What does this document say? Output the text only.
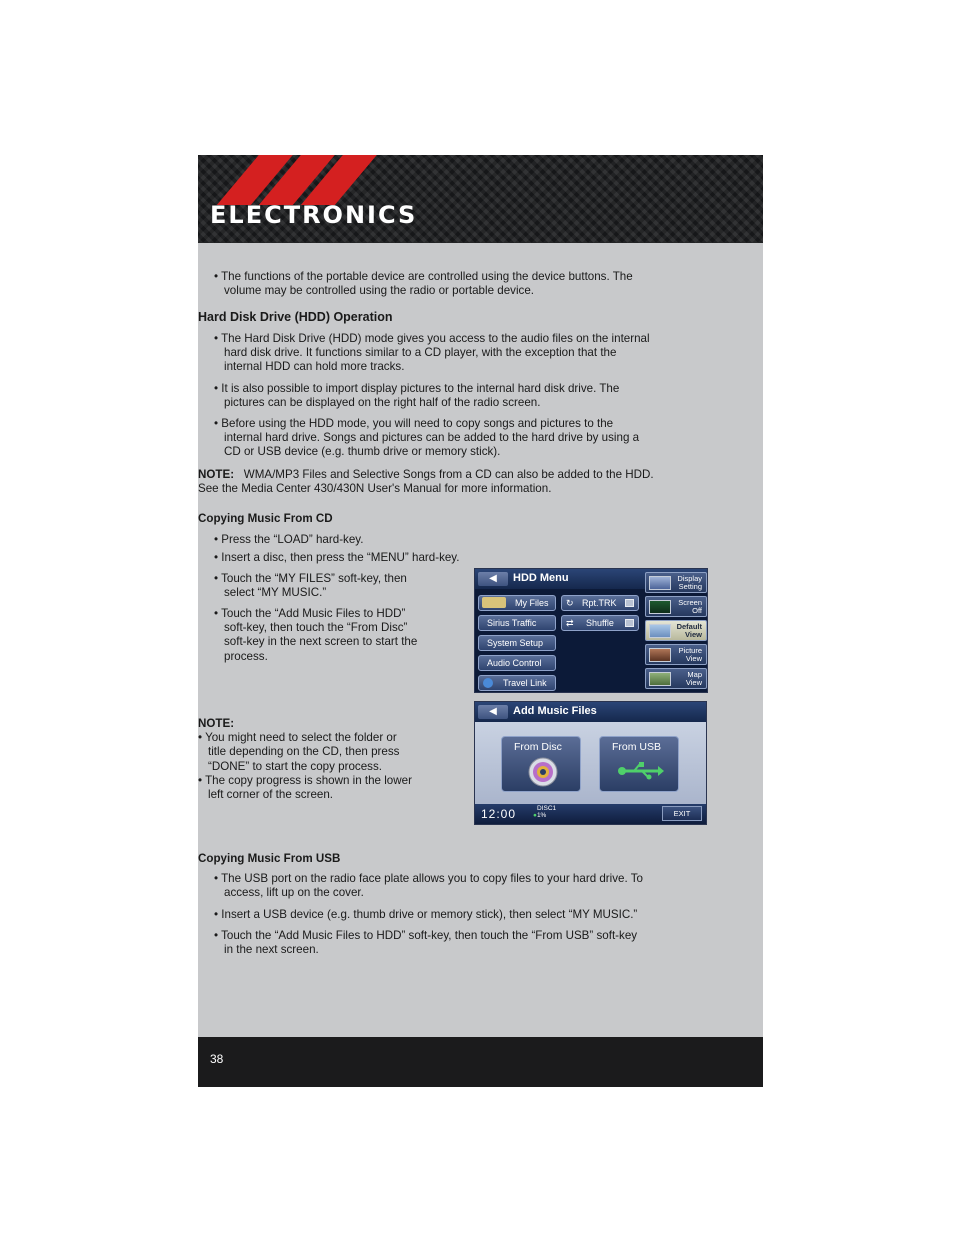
ELECTRONICS
• The functions of the portable device are controlled using the device buttons. The
volume may be controlled using the radio or portable device.
Hard Disk Drive (HDD) Operation
• The Hard Disk Drive (HDD) mode gives you access to the audio files on the internal
hard disk drive. It functions similar to a CD player, with the exception that the
internal HDD can hold more tracks.
• It is also possible to import display pictures to the internal hard disk drive. The
pictures can be displayed on the right half of the radio screen.
• Before using the HDD mode, you will need to copy songs and pictures to the
internal hard drive. Songs and pictures can be added to the hard drive by using a
CD or USB device (e.g. thumb drive or memory stick).
NOTE: WMA/MP3 Files and Selective Songs from a CD can also be added to the HDD.
See the Media Center 430/430N User's Manual for more information.
Copying Music From CD
• Press the “LOAD” hard-key.
• Insert a disc, then press the “MENU” hard-key.
• Touch the “MY FILES” soft-key, then
select “MY MUSIC.”
• Touch the “Add Music Files to HDD”
soft-key, then touch the “From Disc”
soft-key in the next screen to start the
process.
NOTE:
• You might need to select the folder or
title depending on the CD, then press
“DONE” to start the copy process.
• The copy progress is shown in the lower
left corner of the screen.
Copying Music From USB
• The USB port on the radio face plate allows you to copy files to your hard drive. To
access, lift up on the cover.
• Insert a USB device (e.g. thumb drive or memory stick), then select “MY MUSIC.”
• Touch the “Add Music Files to HDD” soft-key, then touch the “From USB” soft-key
in the next screen.
◀	HDD Menu
My Files
Sirius Traffic
System Setup
Audio Control
Travel Link
↻ Rpt.TRK
⇄ Shuffle
Display
Setting
Screen
Off
Default
View
Picture
View
Map
View
◀	Add Music Files
From Disc	From USB
12:00	DISC1
●1%	EXIT
38
